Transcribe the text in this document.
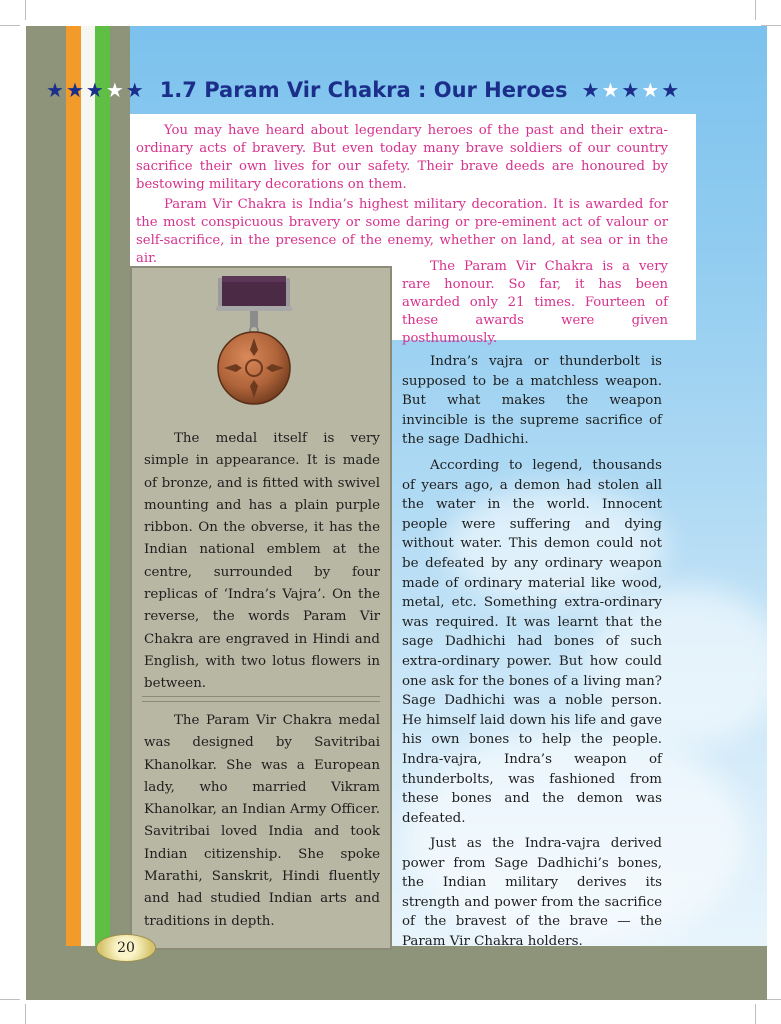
★★★★★ 1.7 Param Vir Chakra : Our Heroes ★★★★★

You may have heard about legendary heroes of the past and their extra-ordinary acts of bravery. But even today many brave soldiers of our country sacrifice their own lives for our safety. Their brave deeds are honoured by bestowing military decorations on them.

Param Vir Chakra is India’s highest military decoration. It is awarded for the most conspicuous bravery or some daring or pre-eminent act of valour or self-sacrifice, in the presence of the enemy, whether on land, at sea or in the air.

The medal itself is very simple in appearance. It is made of bronze, and is fitted with swivel mounting and has a plain purple ribbon. On the obverse, it has the Indian national emblem at the centre, surrounded by four replicas of ‘Indra’s Vajra’. On the reverse, the words Param Vir Chakra are engraved in Hindi and English, with two lotus flowers in between.

The Param Vir Chakra medal was designed by Savitribai Khanolkar. She was a European lady, who married Vikram Khanolkar, an Indian Army Officer. Savitribai loved India and took Indian citizenship. She spoke Marathi, Sanskrit, Hindi fluently and had studied Indian arts and traditions in depth.

The Param Vir Chakra is a very rare honour. So far, it has been awarded only 21 times. Fourteen of these awards were given posthumously.

Indra’s vajra or thunderbolt is supposed to be a matchless weapon. But what makes the weapon invincible is the supreme sacrifice of the sage Dadhichi.

According to legend, thousands of years ago, a demon had stolen all the water in the world. Innocent people were suffering and dying without water. This demon could not be defeated by any ordinary weapon made of ordinary material like wood, metal, etc. Something extra-ordinary was required. It was learnt that the sage Dadhichi had bones of such extra-ordinary power. But how could one ask for the bones of a living man? Sage Dadhichi was a noble person. He himself laid down his life and gave his own bones to help the people. Indra-vajra, Indra’s weapon of thunderbolts, was fashioned from these bones and the demon was defeated.

Just as the Indra-vajra derived power from Sage Dadhichi’s bones, the Indian military derives its strength and power from the sacrifice of the bravest of the brave — the Param Vir Chakra holders.

20
